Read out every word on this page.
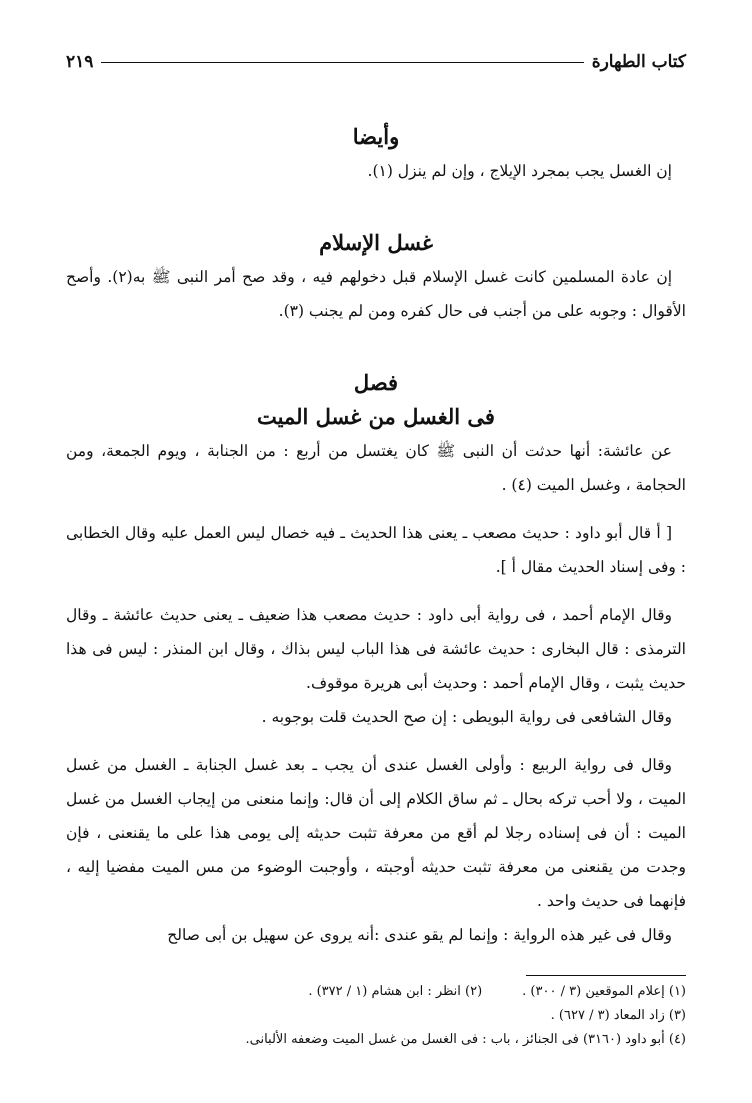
كتاب الطهارة
٢١٩
وأيضا

إن الغسل يجب بمجرد الإيلاج ، وإن لم ينزل (١).

غسل الإسلام

إن عادة المسلمين كانت غسل الإسلام قبل دخولهم فيه ، وقد صح أمر النبى ﷺ به(٢). وأصح الأقوال : وجوبه على من أجنب فى حال كفره ومن لم يجنب (٣).

فصل
فى الغسل من غسل الميت

عن عائشة: أنها حدثت أن النبى ﷺ كان يغتسل من أربع : من الجنابة ، ويوم الجمعة، ومن الحجامة ، وغسل الميت (٤) .

[ أ قال أبو داود : حديث مصعب ـ يعنى هذا الحديث ـ فيه خصال ليس العمل عليه وقال الخطابى : وفى إسناد الحديث مقال أ ].

وقال الإمام أحمد ، فى رواية أبى داود : حديث مصعب هذا ضعيف ـ يعنى حديث عائشة ـ وقال الترمذى : قال البخارى : حديث عائشة فى هذا الباب ليس بذاك ، وقال ابن المنذر : ليس فى هذا حديث يثبت ، وقال الإمام أحمد : وحديث أبى هريرة موقوف.

وقال الشافعى فى رواية البويطى : إن صح الحديث قلت بوجوبه .

وقال فى رواية الربيع : وأولى الغسل عندى أن يجب ـ بعد غسل الجنابة ـ الغسل من غسل الميت ، ولا أحب تركه بحال ـ ثم ساق الكلام إلى أن قال: وإنما منعنى من إيجاب الغسل من غسل الميت : أن فى إسناده رجلا لم أقع من معرفة تثبت حديثه إلى يومى هذا على ما يقنعنى ، فإن وجدت من يقنعنى من معرفة تثبت حديثه أوجبته ، وأوجبت الوضوء من مس الميت مفضيا إليه ، فإنهما فى حديث واحد .

وقال فى غير هذه الرواية : وإنما لم يقو عندى :أنه يروى عن سهيل بن أبى صالح

(١) إعلام الموقعين (٣ / ٣٠٠) .
(٢) انظر : ابن هشام (١ / ٣٧٢) .
(٣) زاد المعاد (٣ / ٦٢٧) .
(٤) أبو داود (٣١٦٠) فى الجنائز ، باب : فى الغسل من غسل الميت وضعفه الألبانى.
